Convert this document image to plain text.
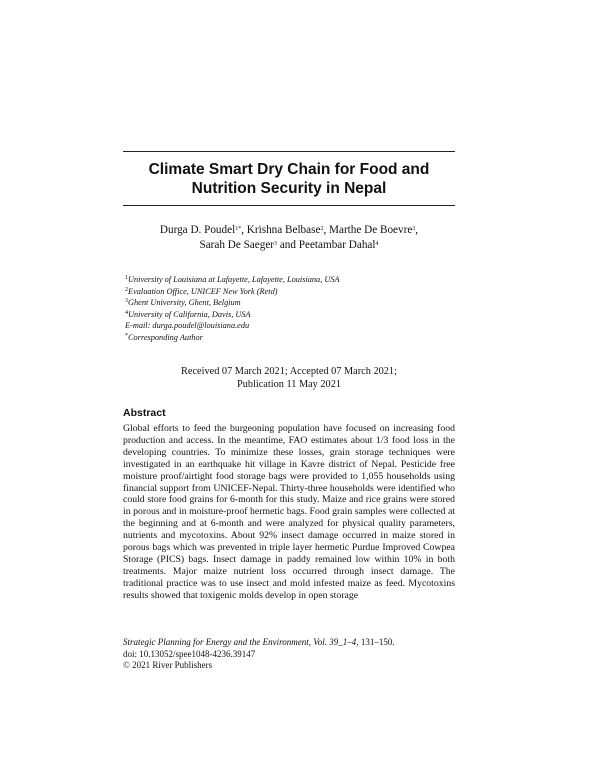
Climate Smart Dry Chain for Food and
Nutrition Security in Nepal
Durga D. Poudel$^{1*}$, Krishna Belbase$^2$, Marthe De Boevre$^3$,
Sarah De Saeger$^3$ and Peetambar Dahal$^4$
$^1$University of Louisiana at Lafayette, Lafayette, Louisiana, USA
$^2$Evaluation Office, UNICEF New York (Retd)
$^3$Ghent University, Ghent, Belgium
$^4$University of California, Davis, USA
E-mail: durga.poudel@louisiana.edu
*Corresponding Author
Received 07 March 2021; Accepted 07 March 2021;
Publication 11 May 2021
Abstract
Global efforts to feed the burgeoning population have focused on increasing food production and access. In the meantime, FAO estimates about 1/3 food loss in the developing countries. To minimize these losses, grain storage techniques were investigated in an earthquake hit village in Kavre district of Nepal. Pesticide free moisture proof/airtight food storage bags were provided to 1,055 households using financial support from UNICEF-Nepal. Thirty-three households were identified who could store food grains for 6-month for this study. Maize and rice grains were stored in porous and in moisture-proof hermetic bags. Food grain samples were collected at the beginning and at 6-month and were analyzed for physical quality parameters, nutrients and mycotoxins. About 92% insect damage occurred in maize stored in porous bags which was prevented in triple layer hermetic Purdue Improved Cowpea Storage (PICS) bags. Insect damage in paddy remained low within 10% in both treatments. Major maize nutrient loss occurred through insect damage. The traditional practice was to use insect and mold infested maize as feed. Mycotoxins results showed that toxigenic molds develop in open storage
Strategic Planning for Energy and the Environment, Vol. 39_1–4, 131–150.
doi: 10.13052/spee1048-4236.39147
© 2021 River Publishers
